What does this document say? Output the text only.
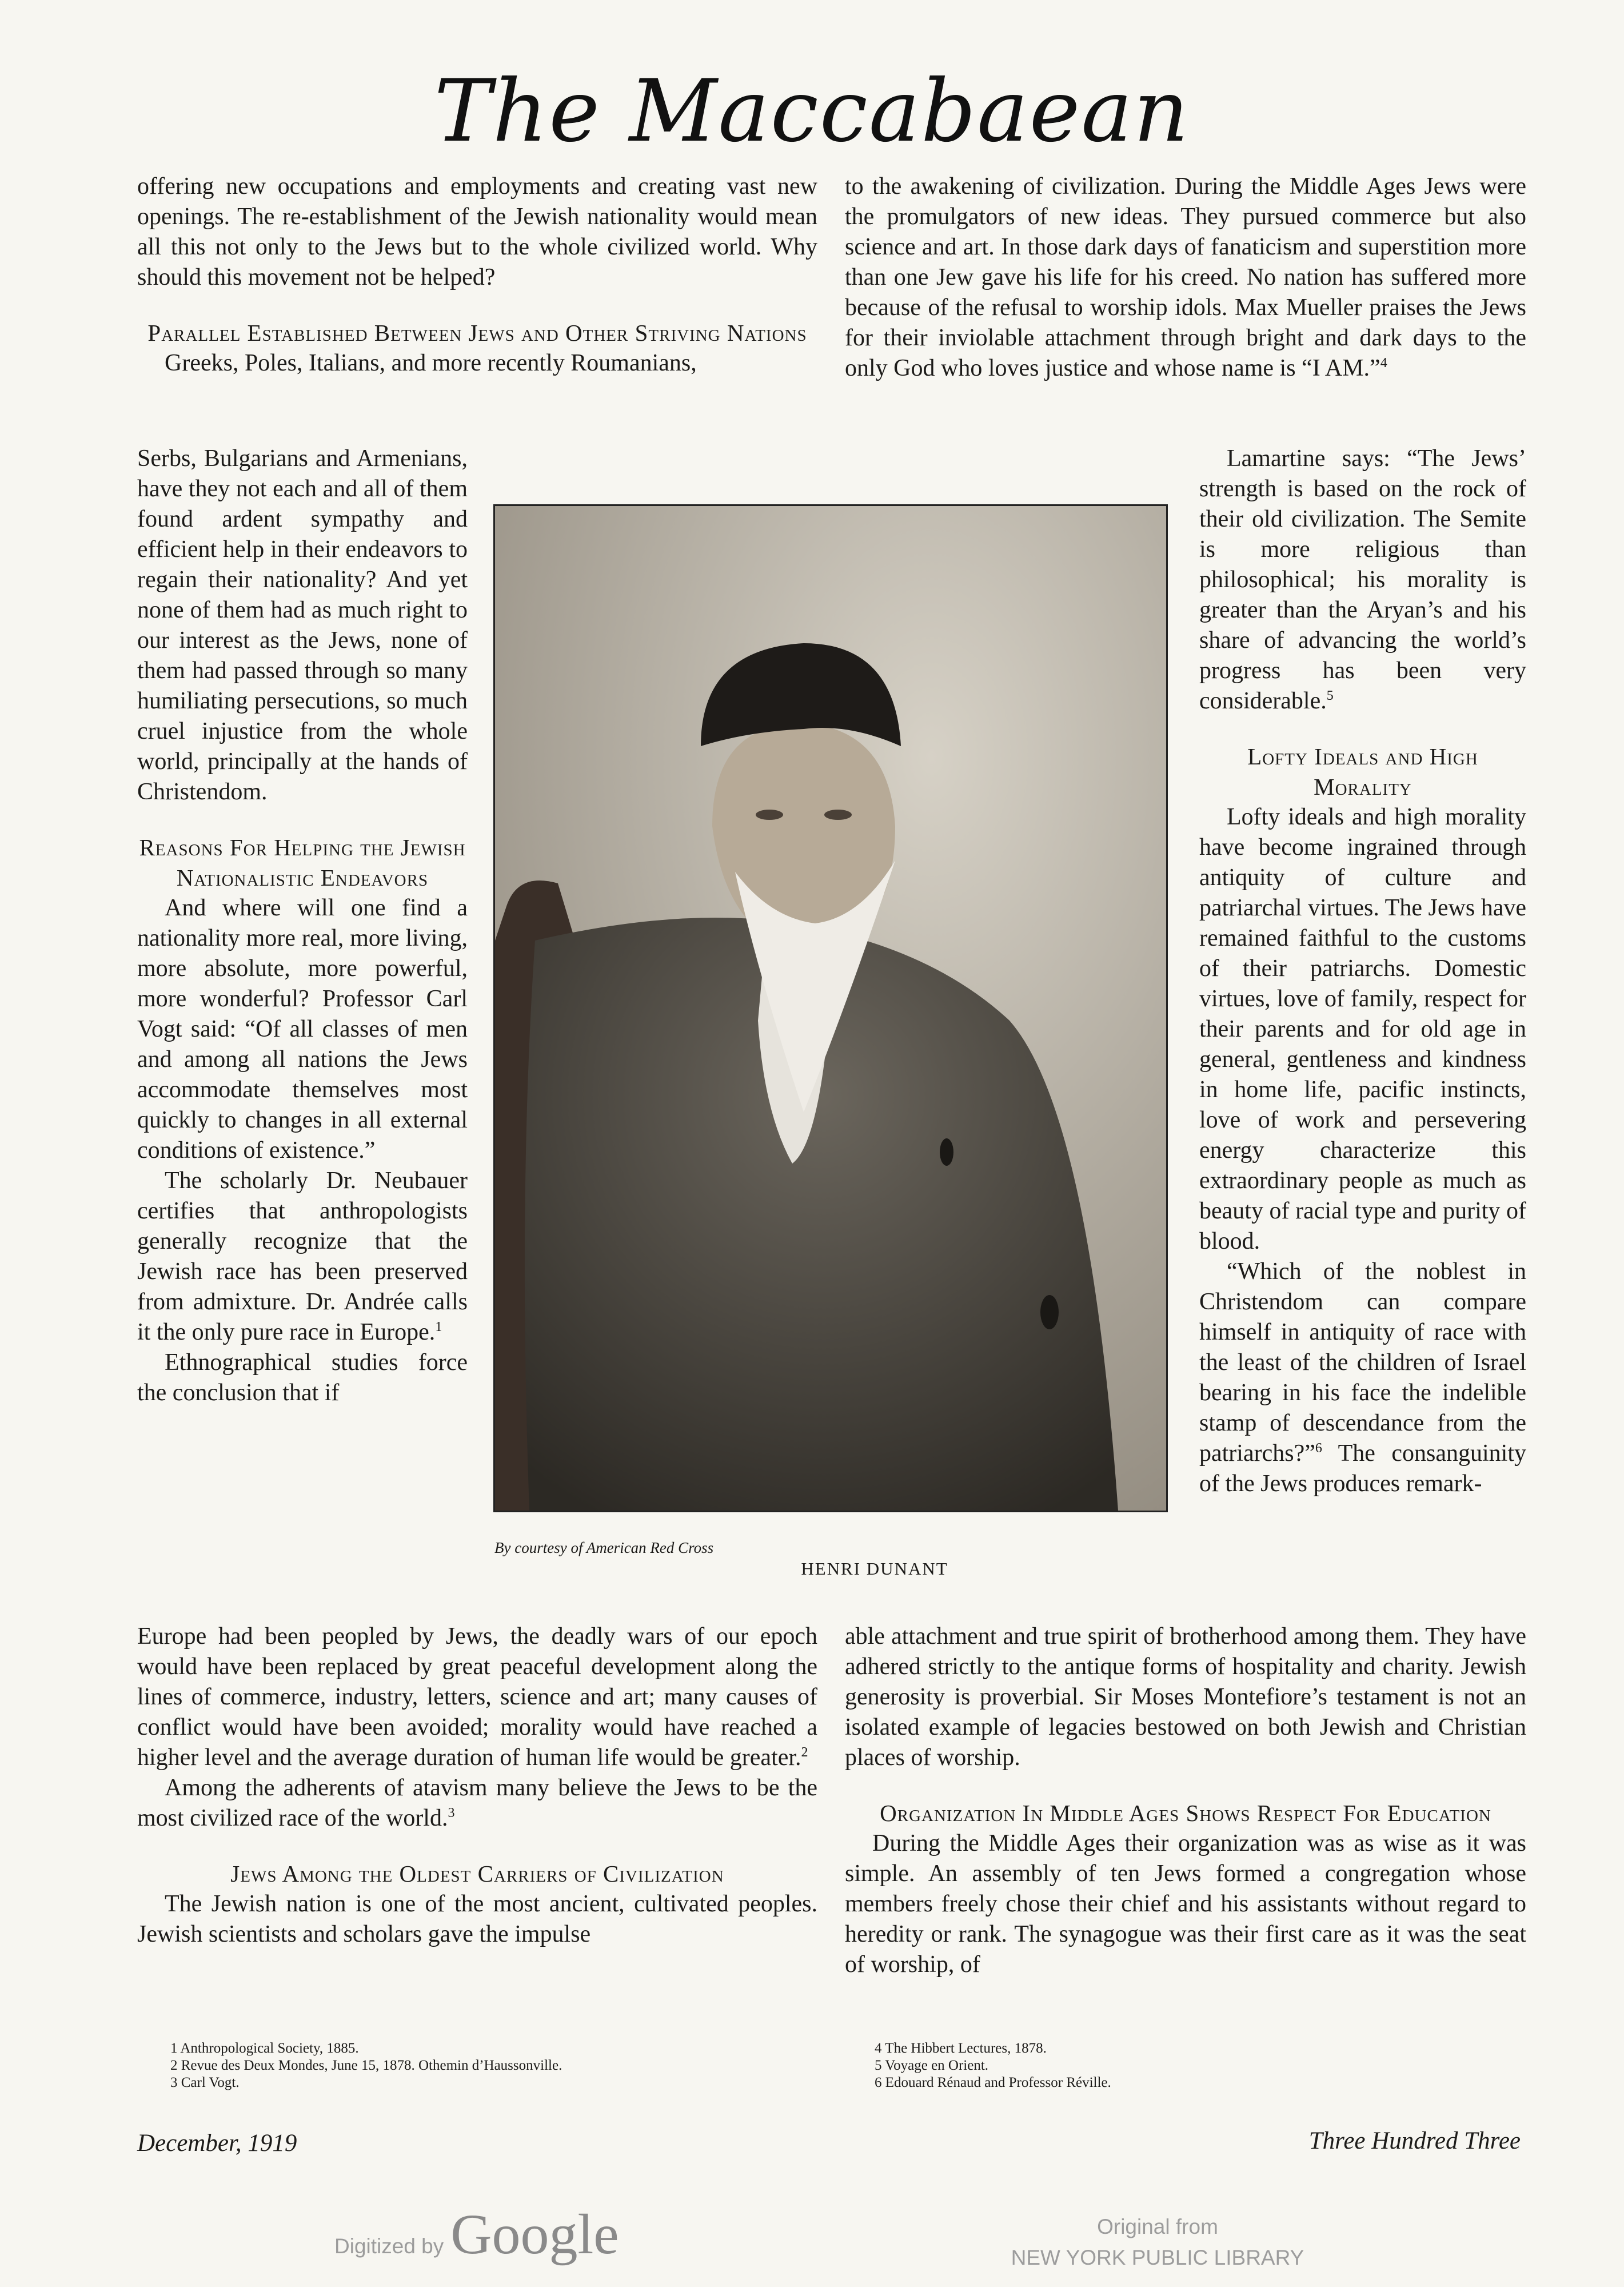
The Maccabaean

offering new occupations and employments and creating vast new openings. The re-establishment of the Jewish nationality would mean all this not only to the Jews but to the whole civilized world. Why should this movement not be helped?

Parallel Established Between Jews and Other Striving Nations

Greeks, Poles, Italians, and more recently Roumanians,

Serbs, Bulgarians and Armenians, have they not each and all of them found ardent sympathy and efficient help in their endeavors to regain their nationality? And yet none of them had as much right to our interest as the Jews, none of them had passed through so many humiliating persecutions, so much cruel injustice from the whole world, principally at the hands of Christendom.

Reasons For Helping the Jewish Nationalistic Endeavors

And where will one find a nationality more real, more living, more absolute, more powerful, more wonderful? Professor Carl Vogt said: “Of all classes of men and among all nations the Jews accommodate themselves most quickly to changes in all external conditions of existence.”

The scholarly Dr. Neubauer certifies that anthropologists generally recognize that the Jewish race has been preserved from admixture. Dr. Andrée calls it the only pure race in Europe.$^1$

Ethnographical studies force the conclusion that if

Europe had been peopled by Jews, the deadly wars of our epoch would have been replaced by great peaceful development along the lines of commerce, industry, letters, science and art; many causes of conflict would have been avoided; morality would have reached a higher level and the average duration of human life would be greater.$^2$

Among the adherents of atavism many believe the Jews to be the most civilized race of the world.$^3$

Jews Among the Oldest Carriers of Civilization

The Jewish nation is one of the most ancient, cultivated peoples. Jewish scientists and scholars gave the impulse

to the awakening of civilization. During the Middle Ages Jews were the promulgators of new ideas. They pursued commerce but also science and art. In those dark days of fanaticism and superstition more than one Jew gave his life for his creed. No nation has suffered more because of the refusal to worship idols. Max Mueller praises the Jews for their inviolable attachment through bright and dark days to the only God who loves justice and whose name is “I AM.”$^4$

Lamartine says: “The Jews’ strength is based on the rock of their old civilization. The Semite is more religious than philosophical; his morality is greater than the Aryan’s and his share of advancing the world’s progress has been very considerable.$^5$

Lofty Ideals and High Morality

Lofty ideals and high morality have become ingrained through antiquity of culture and patriarchal virtues. The Jews have remained faithful to the customs of their patriarchs. Domestic virtues, love of family, respect for their parents and for old age in general, gentleness and kindness in home life, pacific instincts, love of work and persevering energy characterize this extraordinary people as much as beauty of racial type and purity of blood.

“Which of the noblest in Christendom can compare himself in antiquity of race with the least of the children of Israel bearing in his face the indelible stamp of descendance from the patriarchs?”$^6$ The consanguinity of the Jews produces remark-

able attachment and true spirit of brotherhood among them. They have adhered strictly to the antique forms of hospitality and charity. Jewish generosity is proverbial. Sir Moses Montefiore’s testament is not an isolated example of legacies bestowed on both Jewish and Christian places of worship.

Organization In Middle Ages Shows Respect For Education

During the Middle Ages their organization was as wise as it was simple. An assembly of ten Jews formed a congregation whose members freely chose their chief and his assistants without regard to heredity or rank. The synagogue was their first care as it was the seat of worship, of

By courtesy of American Red Cross
HENRI DUNANT

1 Anthropological Society, 1885.

2 Revue des Deux Mondes, June 15, 1878. Othemin d’Haussonville.

3 Carl Vogt.

4 The Hibbert Lectures, 1878.

5 Voyage en Orient.

6 Edouard Rénaud and Professor Réville.

December, 1919	Three Hundred Three
Digitized by Google	Original from
NEW YORK PUBLIC LIBRARY
